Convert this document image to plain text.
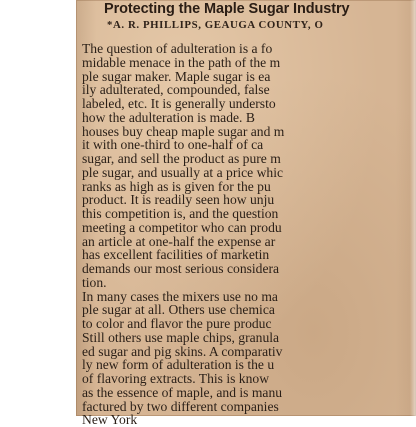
Protecting the Maple Sugar Industry
*A. R. PHILLIPS, GEAUGA COUNTY, O
The question of adulteration is a fo
midable menace in the path of the m
ple sugar maker. Maple sugar is ea
ily adulterated, compounded, false
labeled, etc. It is generally understo
how the adulteration is made. B
houses buy cheap maple sugar and m
it with one-third to one-half of ca
sugar, and sell the product as pure m
ple sugar, and usually at a price whic
ranks as high as is given for the pu
product. It is readily seen how unju
this competition is, and the question
meeting a competitor who can produ
an article at one-half the expense ar
has excellent facilities of marketin
demands our most serious considera
tion.
In many cases the mixers use no ma
ple sugar at all. Others use chemica
to color and flavor the pure produc
Still others use maple chips, granula
ed sugar and pig skins. A comparativ
ly new form of adulteration is the u
of flavoring extracts. This is know
as the essence of maple, and is manu
factured by two different companies
New York
